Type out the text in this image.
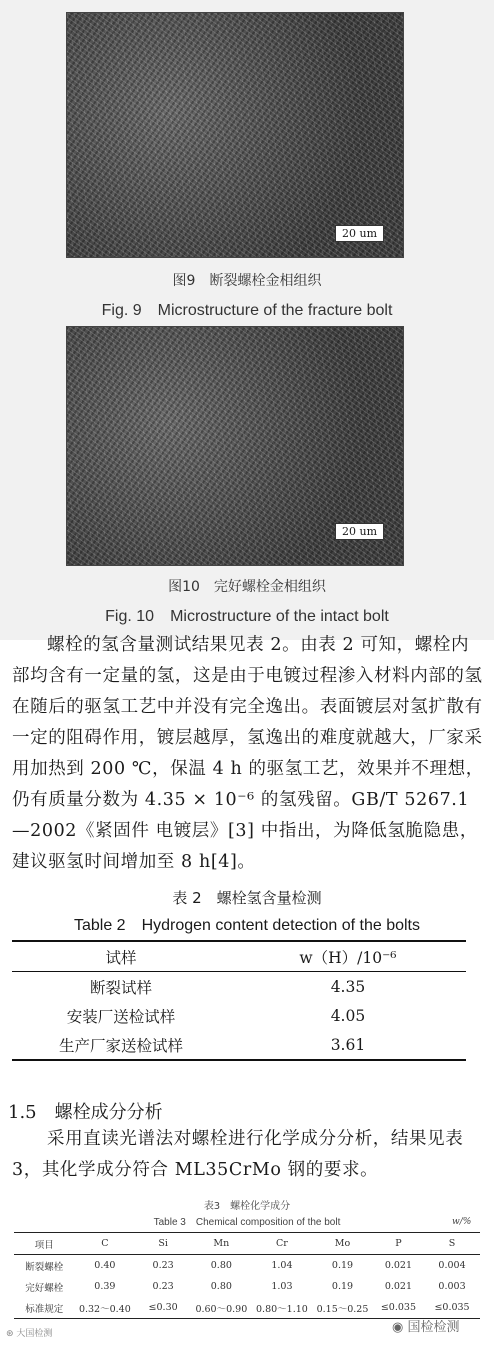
20 um
图9　断裂螺栓金相组织
Fig. 9　Microstructure of the fracture bolt
20 um
图10　完好螺栓金相组织
Fig. 10　Microstructure of the intact bolt

螺栓的氢含量测试结果见表 2。由表 2 可知，螺栓内部均含有一定量的氢，这是由于电镀过程渗入材料内部的氢在随后的驱氢工艺中并没有完全逸出。表面镀层对氢扩散有一定的阻碍作用，镀层越厚，氢逸出的难度就越大，厂家采用加热到 200 ℃，保温 4 h 的驱氢工艺，效果并不理想，仍有质量分数为 4.35 × 10⁻⁶ 的氢残留。GB/T 5267.1—2002《紧固件 电镀层》[3] 中指出，为降低氢脆隐患，建议驱氢时间增加至 8 h[4]。

表 2　螺栓氢含量检测
Table 2　Hydrogen content detection of the bolts
试样	w（H）/10⁻⁶
断裂试样	4.35
安装厂送检试样	4.05
生产厂家送检试样	3.61
1.5　螺栓成分分析

采用直读光谱法对螺栓进行化学成分分析，结果见表 3，其化学成分符合 ML35CrMo 钢的要求。

表3　螺栓化学成分
Table 3　Chemical composition of the bolt	w/%
项目	C	Si	Mn	Cr	Mo	P	S
断裂螺栓	0.40	0.23	0.80	1.04	0.19	0.021	0.004
完好螺栓	0.39	0.23	0.80	1.03	0.19	0.021	0.003
标准规定	0.32～0.40	≤0.30	0.60～0.90	0.80～1.10	0.15～0.25	≤0.035	≤0.035
⊛ 大国检测	◉ 国检检测
